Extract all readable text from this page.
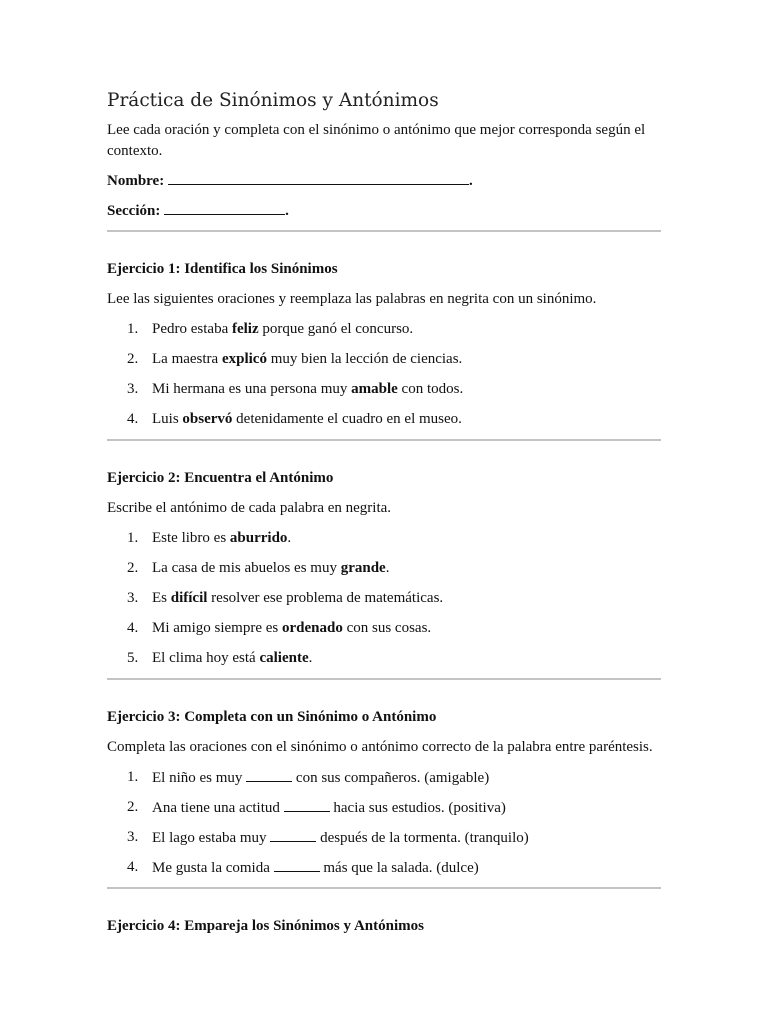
Práctica de Sinónimos y Antónimos

Lee cada oración y completa con el sinónimo o antónimo que mejor corresponda según el contexto.

Nombre:	.
Sección:	.
Ejercicio 1: Identifica los Sinónimos

Lee las siguientes oraciones y reemplaza las palabras en negrita con un sinónimo.

1. Pedro estaba feliz porque ganó el concurso.
2. La maestra explicó muy bien la lección de ciencias.
3. Mi hermana es una persona muy amable con todos.
4. Luis observó detenidamente el cuadro en el museo.
Ejercicio 2: Encuentra el Antónimo

Escribe el antónimo de cada palabra en negrita.

1. Este libro es aburrido.
2. La casa de mis abuelos es muy grande.
3. Es difícil resolver ese problema de matemáticas.
4. Mi amigo siempre es ordenado con sus cosas.
5. El clima hoy está caliente.
Ejercicio 3: Completa con un Sinónimo o Antónimo

Completa las oraciones con el sinónimo o antónimo correcto de la palabra entre paréntesis.

1. El niño es muy	con sus compañeros. (amigable)
2. Ana tiene una actitud	hacia sus estudios. (positiva)
3. El lago estaba muy	después de la tormenta. (tranquilo)
4. Me gusta la comida	más que la salada. (dulce)
Ejercicio 4: Empareja los Sinónimos y Antónimos
